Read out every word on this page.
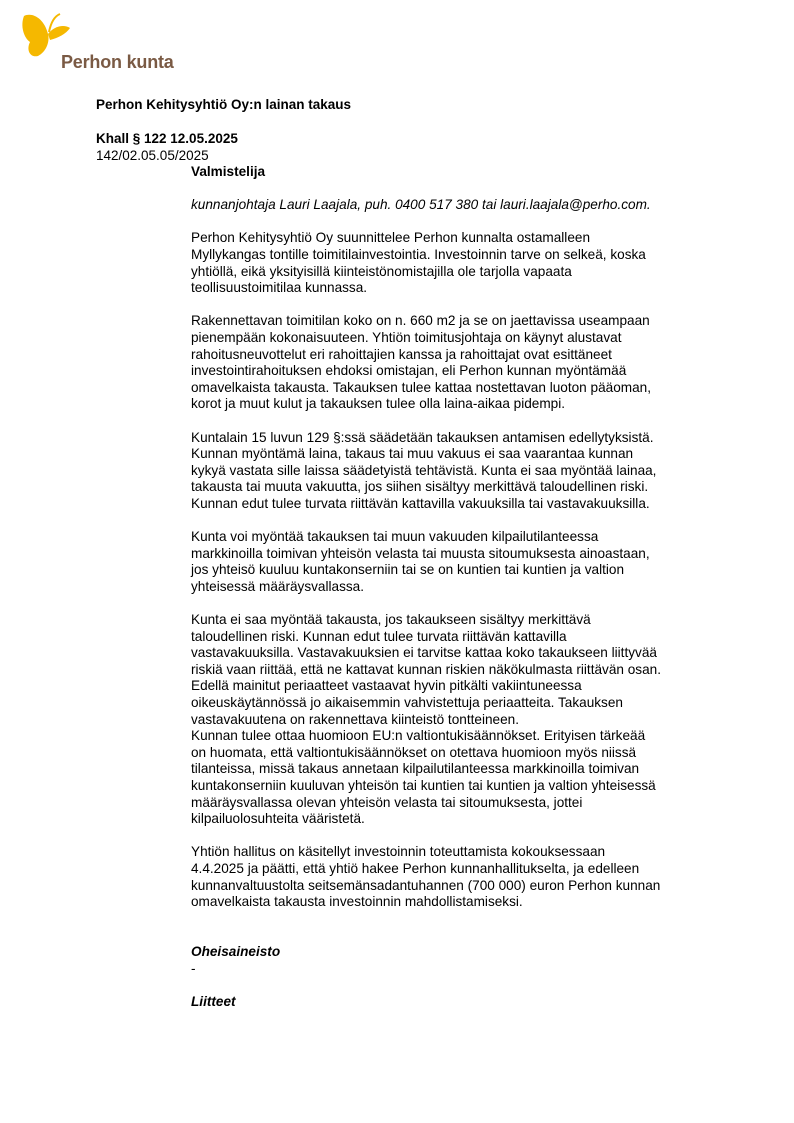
Perhon kunta
Perhon Kehitysyhtiö Oy:n lainan takaus
Khall § 122 12.05.2025
142/02.05.05/2025

Valmistelija

kunnanjohtaja Lauri Laajala, puh. 0400 517 380 tai lauri.laajala@perho.com.

Perhon Kehitysyhtiö Oy suunnittelee Perhon kunnalta ostamalleen

Myllykangas tontille toimitilainvestointia. Investoinnin tarve on selkeä, koska

yhtiöllä, eikä yksityisillä kiinteistönomistajilla ole tarjolla vapaata

teollisuustoimitilaa kunnassa.

Rakennettavan toimitilan koko on n. 660 m2 ja se on jaettavissa useampaan

pienempään kokonaisuuteen. Yhtiön toimitusjohtaja on käynyt alustavat

rahoitusneuvottelut eri rahoittajien kanssa ja rahoittajat ovat esittäneet

investointirahoituksen ehdoksi omistajan, eli Perhon kunnan myöntämää

omavelkaista takausta. Takauksen tulee kattaa nostettavan luoton pääoman,

korot ja muut kulut ja takauksen tulee olla laina-aikaa pidempi.

Kuntalain 15 luvun 129 §:ssä säädetään takauksen antamisen edellytyksistä.

Kunnan myöntämä laina, takaus tai muu vakuus ei saa vaarantaa kunnan

kykyä vastata sille laissa säädetyistä tehtävistä. Kunta ei saa myöntää lainaa,

takausta tai muuta vakuutta, jos siihen sisältyy merkittävä taloudellinen riski.

Kunnan edut tulee turvata riittävän kattavilla vakuuksilla tai vastavakuuksilla.

Kunta voi myöntää takauksen tai muun vakuuden kilpailutilanteessa

markkinoilla toimivan yhteisön velasta tai muusta sitoumuksesta ainoastaan,

jos yhteisö kuuluu kuntakonserniin tai se on kuntien tai kuntien ja valtion

yhteisessä määräysvallassa.

Kunta ei saa myöntää takausta, jos takaukseen sisältyy merkittävä

taloudellinen riski. Kunnan edut tulee turvata riittävän kattavilla

vastavakuuksilla. Vastavakuuksien ei tarvitse kattaa koko takaukseen liittyvää

riskiä vaan riittää, että ne kattavat kunnan riskien näkökulmasta riittävän osan.

Edellä mainitut periaatteet vastaavat hyvin pitkälti vakiintuneessa

oikeuskäytännössä jo aikaisemmin vahvistettuja periaatteita. Takauksen

vastavakuutena on rakennettava kiinteistö tontteineen.

Kunnan tulee ottaa huomioon EU:n valtiontukisäännökset. Erityisen tärkeää

on huomata, että valtiontukisäännökset on otettava huomioon myös niissä

tilanteissa, missä takaus annetaan kilpailutilanteessa markkinoilla toimivan

kuntakonserniin kuuluvan yhteisön tai kuntien tai kuntien ja valtion yhteisessä

määräysvallassa olevan yhteisön velasta tai sitoumuksesta, jottei

kilpailuolosuhteita vääristetä.

Yhtiön hallitus on käsitellyt investoinnin toteuttamista kokouksessaan

4.4.2025 ja päätti, että yhtiö hakee Perhon kunnanhallitukselta, ja edelleen

kunnanvaltuustolta seitsemänsadantuhannen (700 000) euron Perhon kunnan

omavelkaista takausta investoinnin mahdollistamiseksi.

Oheisaineisto

-

Liitteet
